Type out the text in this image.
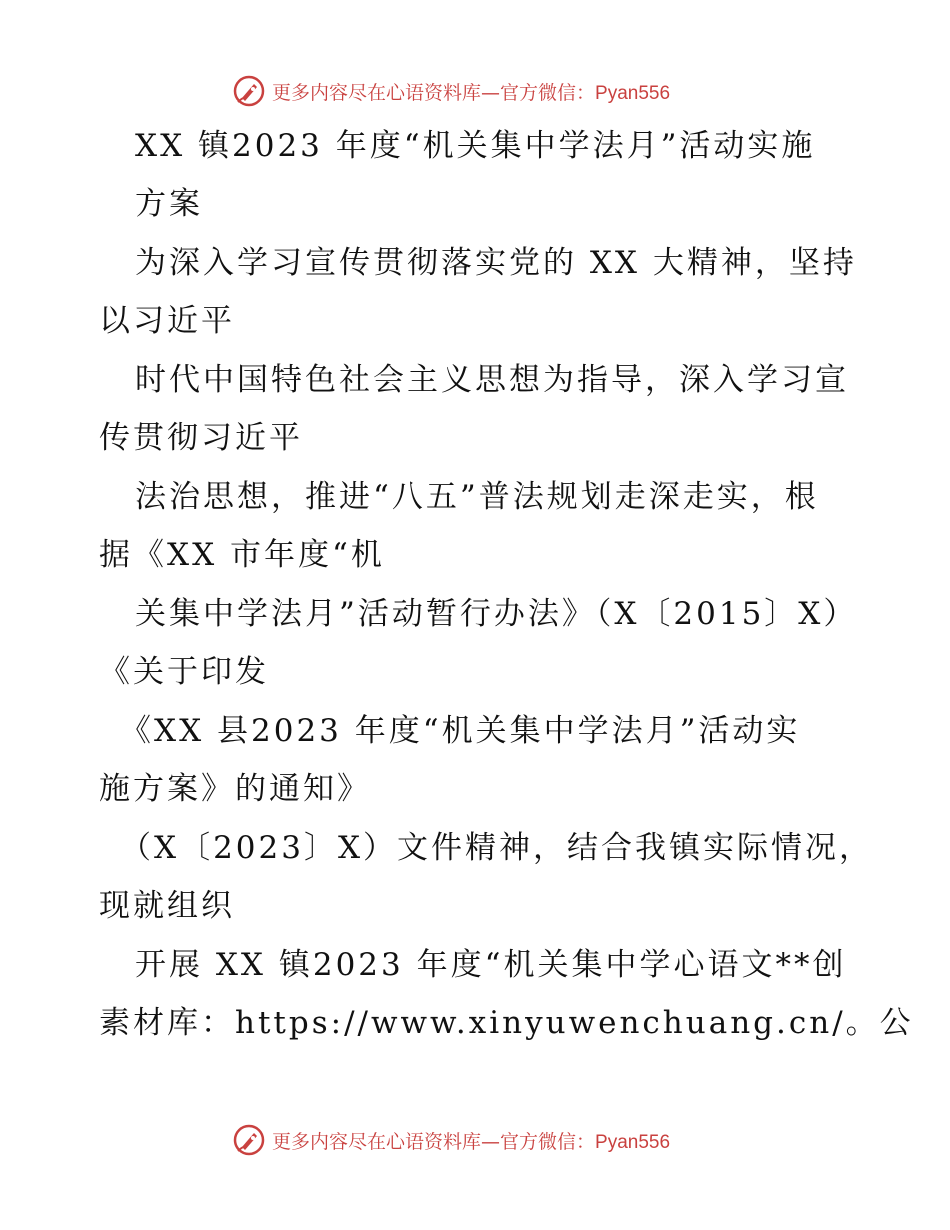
更多内容尽在心语资料库—官方微信：Pyan556
XX 镇2023 年度“机关集中学法月”活动实施
方案
为深入学习宣传贯彻落实党的 XX 大精神，坚持
以习近平
时代中国特色社会主义思想为指导，深入学习宣
传贯彻习近平
法治思想，推进“八五”普法规划走深走实，根
据《XX 市年度“机
关集中学法月”活动暂行办法》（X〔2015〕X）
《关于印发
《XX 县2023 年度“机关集中学法月”活动实
施方案》的通知》
（X〔2023〕X）文件精神，结合我镇实际情况，
现就组织
开展 XX 镇2023 年度“机关集中学心语文**创
素材库：https://www.xinyuwenchuang.cn/。公
更多内容尽在心语资料库—官方微信：Pyan556
